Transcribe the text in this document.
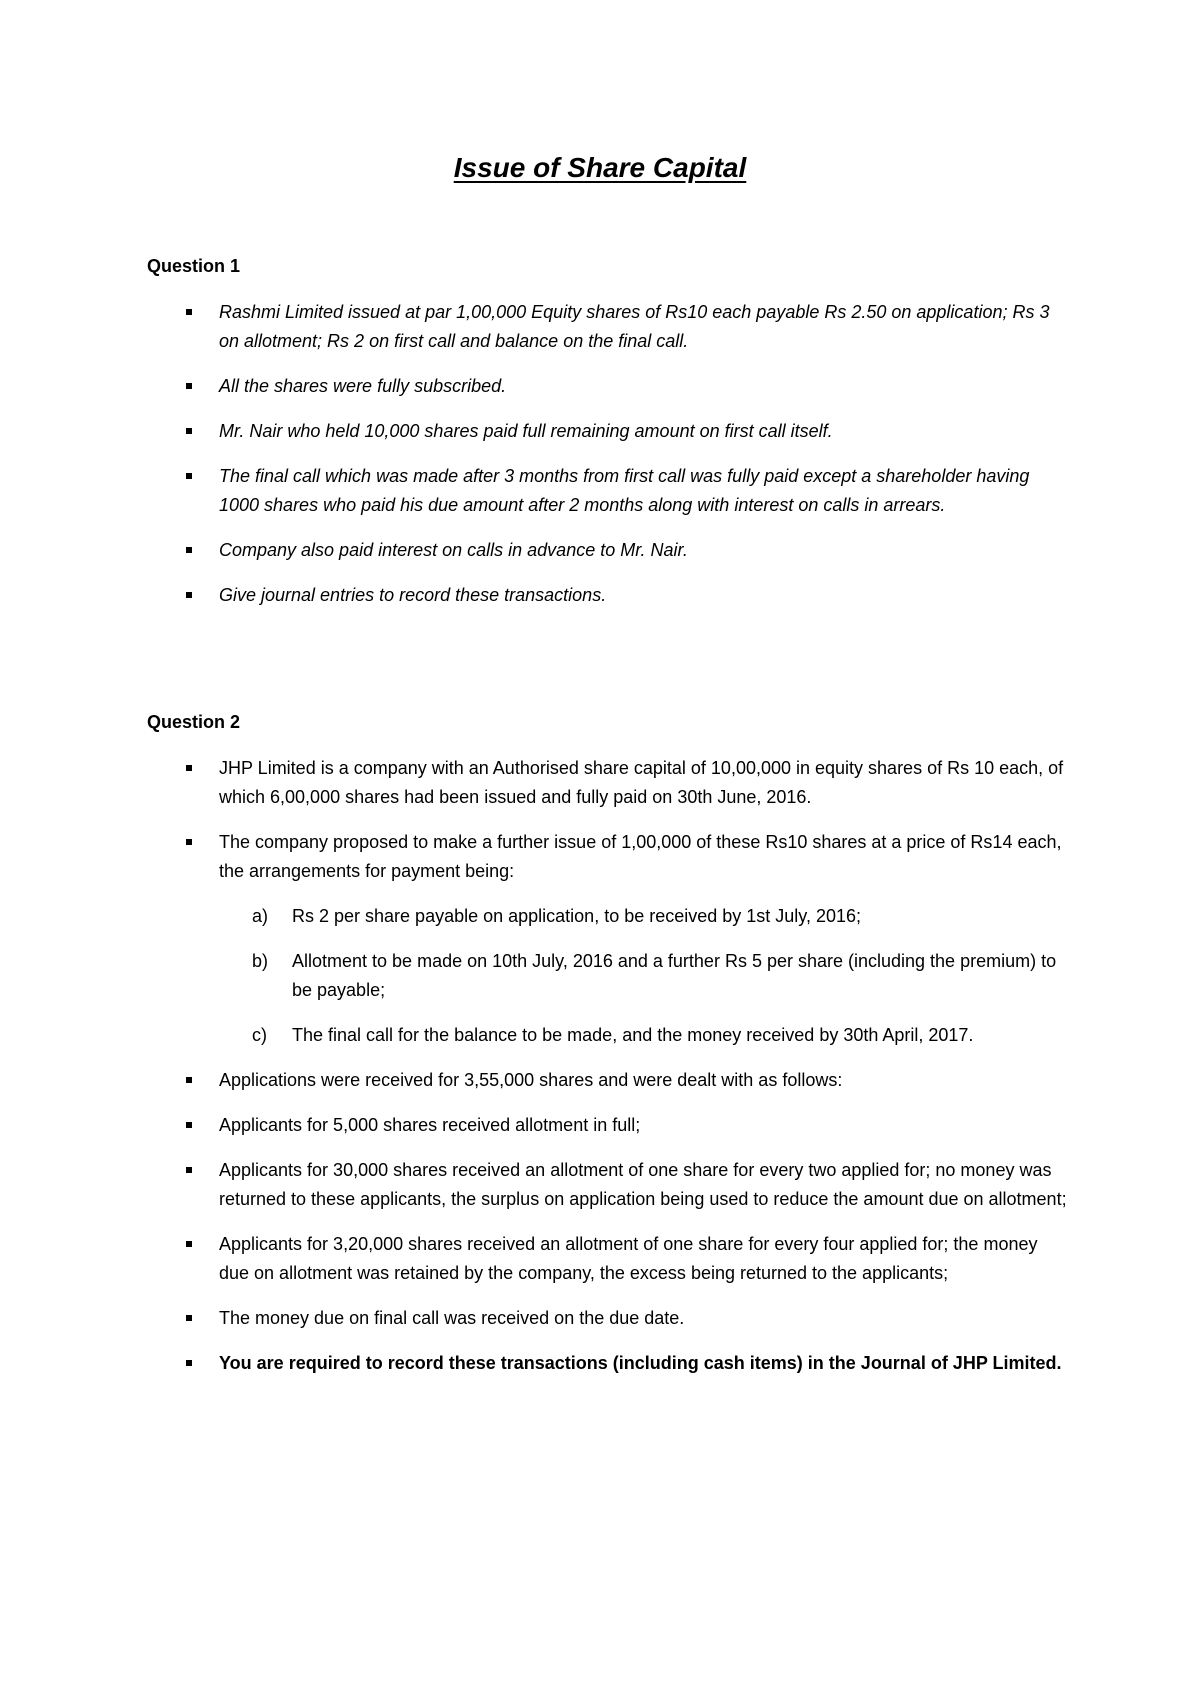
Issue of Share Capital
Question 1
Rashmi Limited issued at par 1,00,000 Equity shares of Rs10 each payable Rs 2.50 on application; Rs 3 on allotment; Rs 2 on first call and balance on the final call.
All the shares were fully subscribed.
Mr. Nair who held 10,000 shares paid full remaining amount on first call itself.
The final call which was made after 3 months from first call was fully paid except a shareholder having 1000 shares who paid his due amount after 2 months along with interest on calls in arrears.
Company also paid interest on calls in advance to Mr. Nair.
Give journal entries to record these transactions.
Question 2
JHP Limited is a company with an Authorised share capital of 10,00,000 in equity shares of Rs 10 each, of which 6,00,000 shares had been issued and fully paid on 30th June, 2016.
The company proposed to make a further issue of 1,00,000 of these Rs10 shares at a price of Rs14 each, the arrangements for payment being:
a) Rs 2 per share payable on application, to be received by 1st July, 2016;
b) Allotment to be made on 10th July, 2016 and a further Rs 5 per share (including the premium) to be payable;
c) The final call for the balance to be made, and the money received by 30th April, 2017.
Applications were received for 3,55,000 shares and were dealt with as follows:
Applicants for 5,000 shares received allotment in full;
Applicants for 30,000 shares received an allotment of one share for every two applied for; no money was returned to these applicants, the surplus on application being used to reduce the amount due on allotment;
Applicants for 3,20,000 shares received an allotment of one share for every four applied for; the money due on allotment was retained by the company, the excess being returned to the applicants;
The money due on final call was received on the due date.
You are required to record these transactions (including cash items) in the Journal of JHP Limited.
